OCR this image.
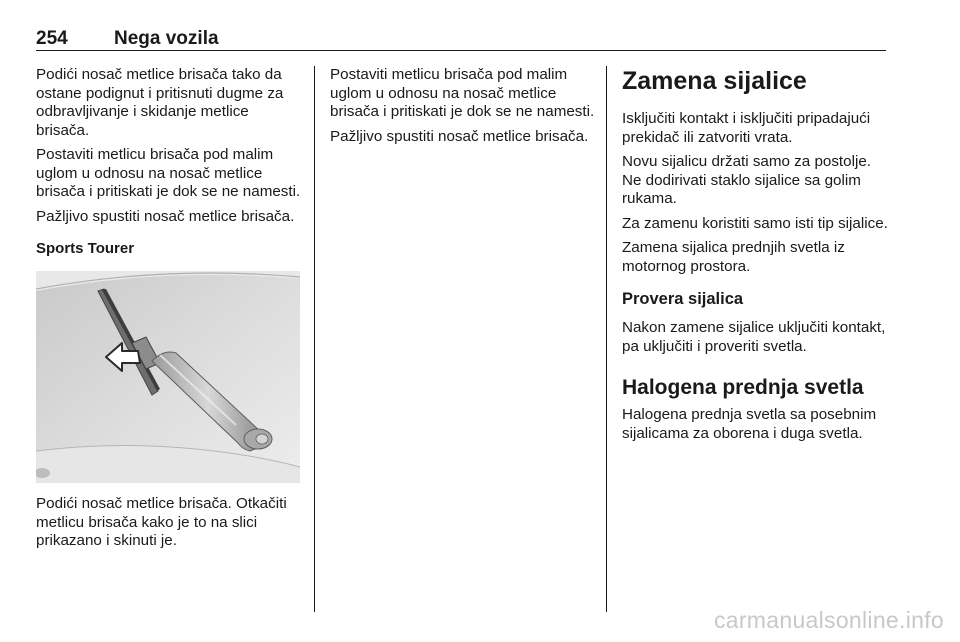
254 Nega vozila

Podići nosač metlice brisača tako da ostane podignut i pritisnuti dugme za odbravljivanje i skidanje metlice brisača.

Postaviti metlicu brisača pod malim uglom u odnosu na nosač metlice brisača i pritiskati je dok se ne namesti.

Pažljivo spustiti nosač metlice brisača.

Sports Tourer

Podići nosač metlice brisača. Otkačiti metlicu brisača kako je to na slici prikazano i skinuti je.

Postaviti metlicu brisača pod malim uglom u odnosu na nosač metlice brisača i pritiskati je dok se ne namesti.

Pažljivo spustiti nosač metlice brisača.

Zamena sijalice

Isključiti kontakt i isključiti pripadajući prekidač ili zatvoriti vrata.

Novu sijalicu držati samo za postolje. Ne dodirivati staklo sijalice sa golim rukama.

Za zamenu koristiti samo isti tip sijalice.

Zamena sijalica prednjih svetla iz motornog prostora.

Provera sijalica

Nakon zamene sijalice uključiti kontakt, pa uključiti i proveriti svetla.

Halogena prednja svetla

Halogena prednja svetla sa posebnim sijalicama za oborena i duga svetla.

carmanualsonline.info
